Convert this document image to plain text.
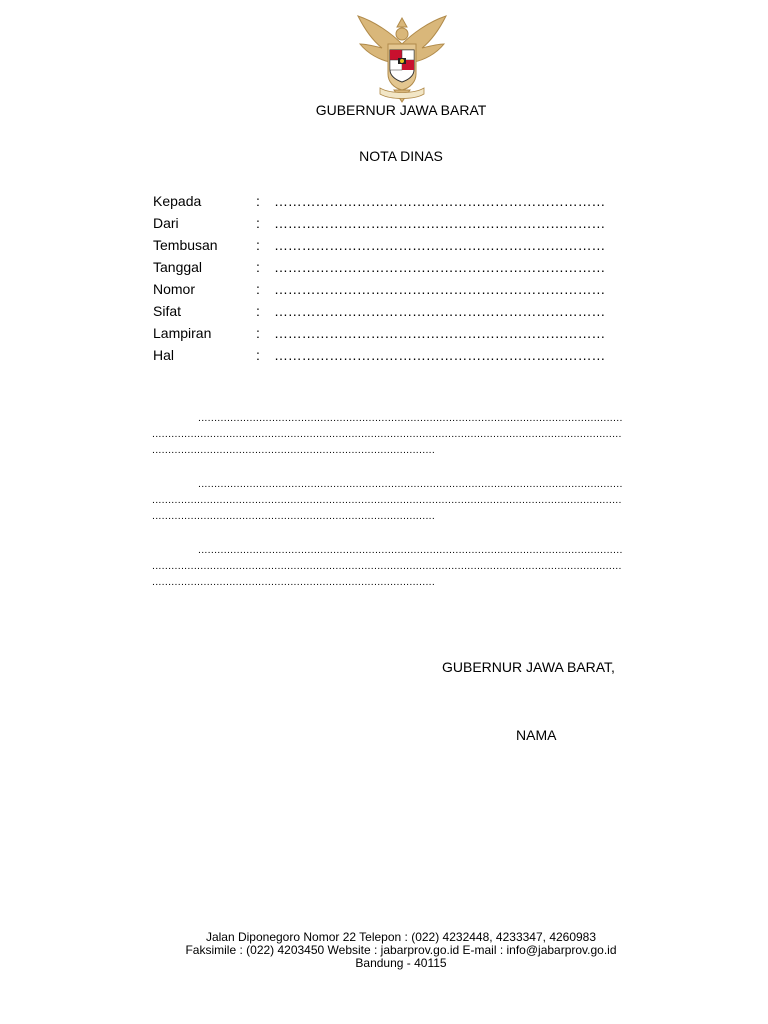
GUBERNUR JAWA BARAT
NOTA DINAS
Kepada	:	………………………………………………………………
Dari	:	………………………………………………………………
Tembusan	:	………………………………………………………………
Tanggal	:	………………………………………………………………
Nomor	:	………………………………………………………………
Sifat	:	………………………………………………………………
Lampiran	:	………………………………………………………………
Hal	:	………………………………………………………………
....................................................................................................................................
..................................................................................................................................................
........................................................................................
....................................................................................................................................
..................................................................................................................................................
........................................................................................
....................................................................................................................................
..................................................................................................................................................
........................................................................................
GUBERNUR JAWA BARAT,
NAMA
Jalan Diponegoro Nomor 22 Telepon : (022) 4232448, 4233347, 4260983
Faksimile : (022) 4203450 Website : jabarprov.go.id E-mail : info@jabarprov.go.id
Bandung - 40115
